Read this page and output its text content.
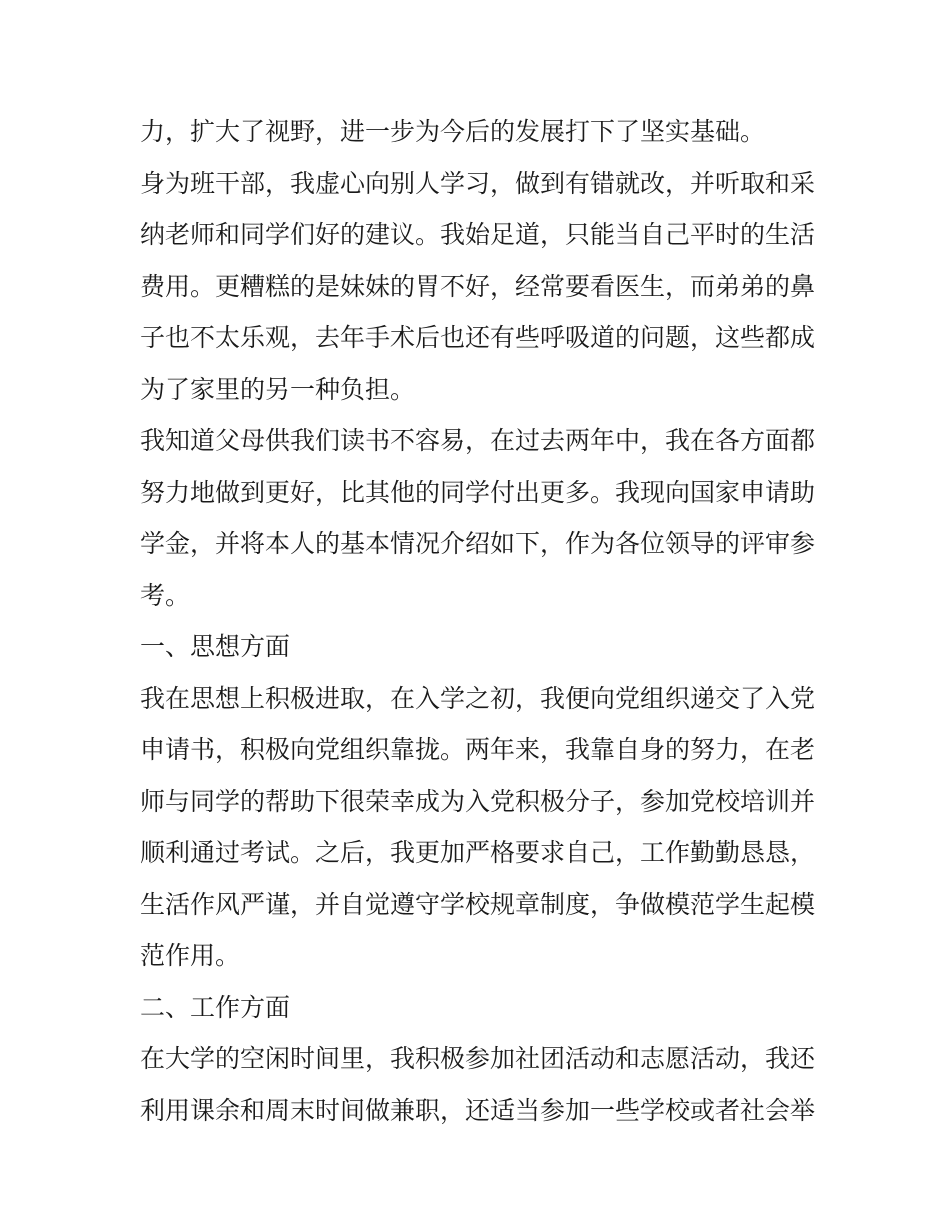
力，扩大了视野，进一步为今后的发展打下了坚实基础。
身为班干部，我虚心向别人学习，做到有错就改，并听取和采
纳老师和同学们好的建议。我始足道，只能当自己平时的生活
费用。更糟糕的是妹妹的胃不好，经常要看医生，而弟弟的鼻
子也不太乐观，去年手术后也还有些呼吸道的问题，这些都成
为了家里的另一种负担。
我知道父母供我们读书不容易，在过去两年中，我在各方面都
努力地做到更好，比其他的同学付出更多。我现向国家申请助
学金，并将本人的基本情况介绍如下，作为各位领导的评审参
考。
一、思想方面
我在思想上积极进取，在入学之初，我便向党组织递交了入党
申请书，积极向党组织靠拢。两年来，我靠自身的努力，在老
师与同学的帮助下很荣幸成为入党积极分子，参加党校培训并
顺利通过考试。之后，我更加严格要求自己，工作勤勤恳恳，
生活作风严谨，并自觉遵守学校规章制度，争做模范学生起模
范作用。
二、工作方面
在大学的空闲时间里，我积极参加社团活动和志愿活动，我还
利用课余和周末时间做兼职，还适当参加一些学校或者社会举
